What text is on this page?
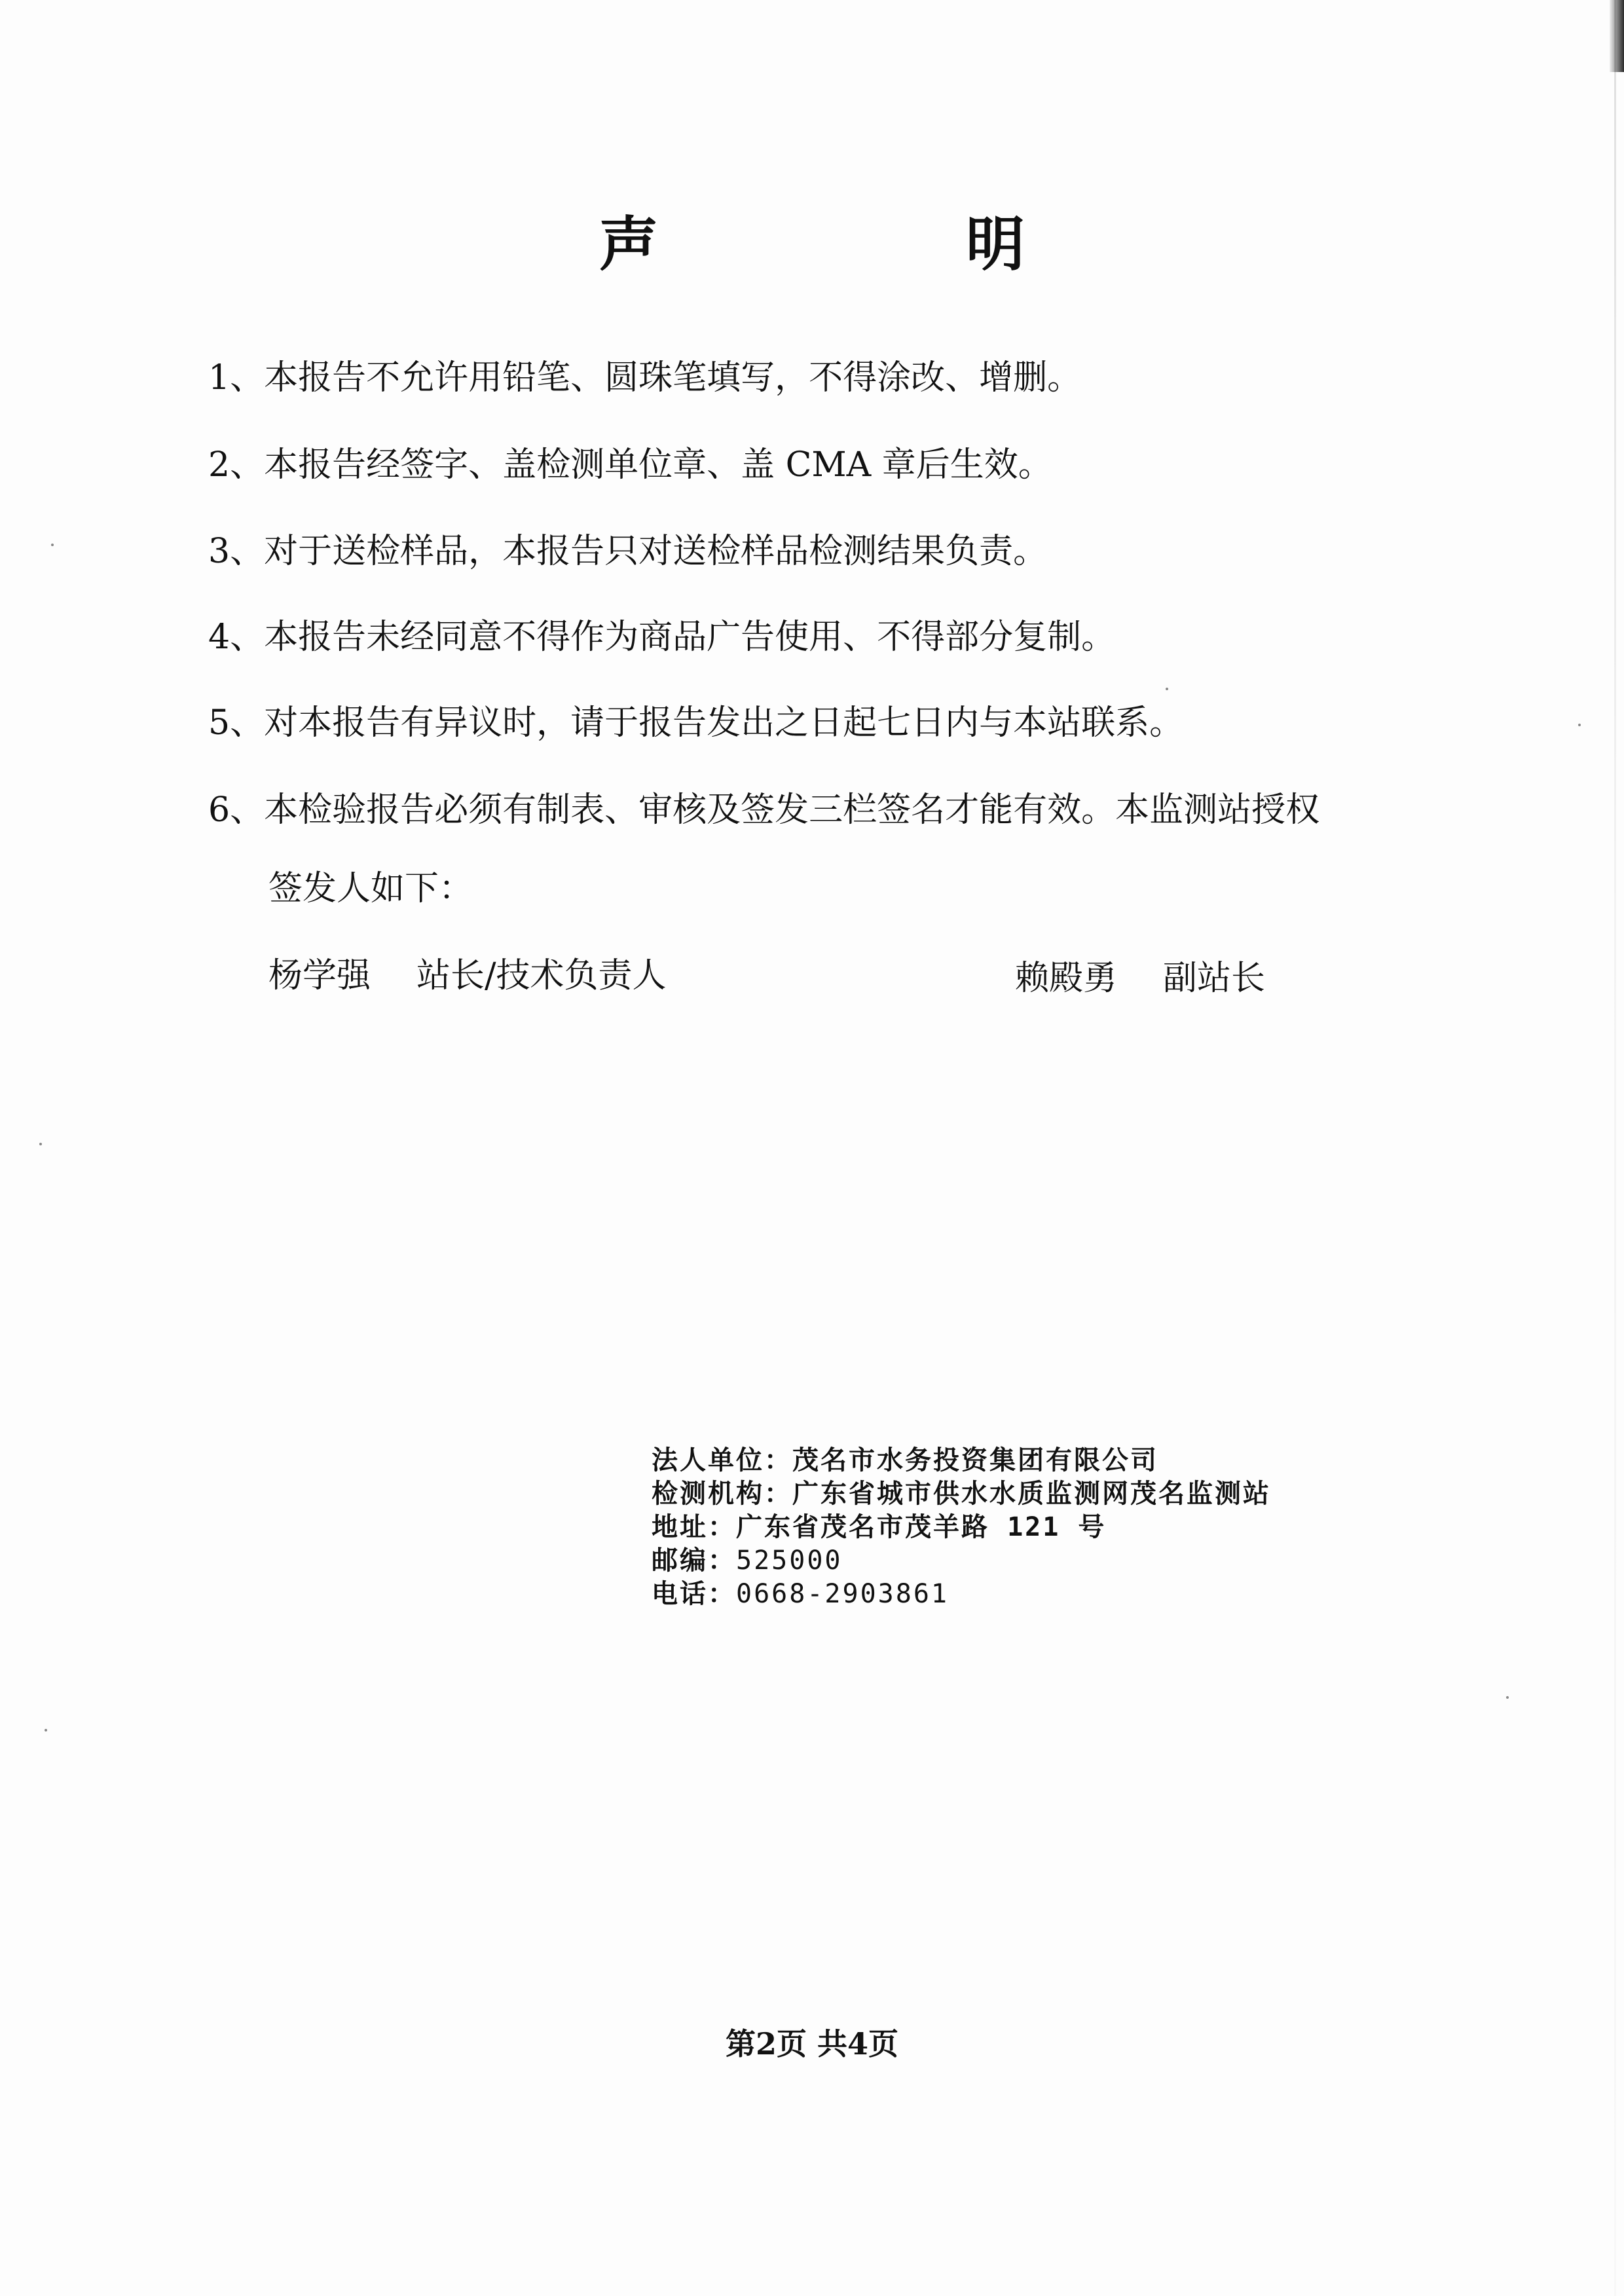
声　明
1、本报告不允许用铅笔、圆珠笔填写，不得涂改、增删。
2、本报告经签字、盖检测单位章、盖 CMA 章后生效。
3、对于送检样品，本报告只对送检样品检测结果负责。
4、本报告未经同意不得作为商品广告使用、不得部分复制。
5、对本报告有异议时，请于报告发出之日起七日内与本站联系。
6、本检验报告必须有制表、审核及签发三栏签名才能有效。本监测站授权
签发人如下：
杨学强 站长/技术负责人	赖殿勇 副站长
法人单位：茂名市水务投资集团有限公司
检测机构：广东省城市供水水质监测网茂名监测站
地址：广东省茂名市茂羊路 121 号
邮编：525000
电话：0668-2903861
第2页 共4页
